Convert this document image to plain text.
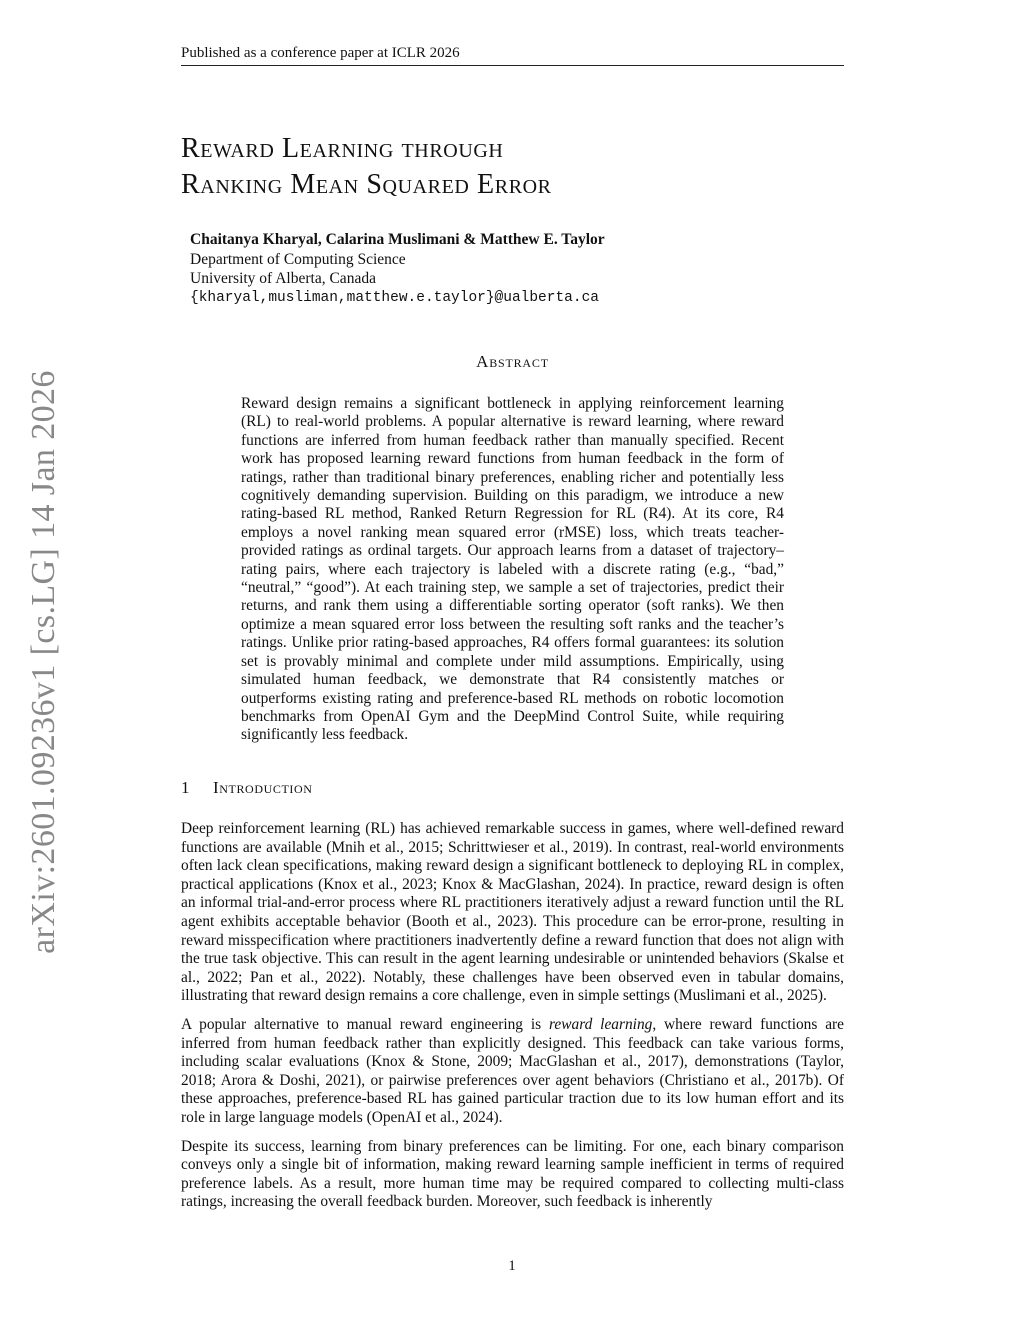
Published as a conference paper at ICLR 2026
Reward Learning through
Ranking Mean Squared Error
Chaitanya Kharyal, Calarina Muslimani & Matthew E. Taylor
Department of Computing Science
University of Alberta, Canada
{kharyal,musliman,matthew.e.taylor}@ualberta.ca
Abstract
Reward design remains a significant bottleneck in applying reinforcement learning (RL) to real-world problems. A popular alternative is reward learning, where reward functions are inferred from human feedback rather than manually specified. Recent work has proposed learning reward functions from human feedback in the form of ratings, rather than traditional binary preferences, enabling richer and potentially less cognitively demanding supervision. Building on this paradigm, we introduce a new rating-based RL method, Ranked Return Regression for RL (R4). At its core, R4 employs a novel ranking mean squared error (rMSE) loss, which treats teacher-provided ratings as ordinal targets. Our approach learns from a dataset of trajectory–rating pairs, where each trajectory is labeled with a discrete rating (e.g., “bad,” “neutral,” “good”). At each training step, we sample a set of trajectories, predict their returns, and rank them using a differentiable sorting operator (soft ranks). We then optimize a mean squared error loss between the resulting soft ranks and the teacher’s ratings. Unlike prior rating-based approaches, R4 offers formal guarantees: its solution set is provably minimal and complete under mild assumptions. Empirically, using simulated human feedback, we demonstrate that R4 consistently matches or outperforms existing rating and preference-based RL methods on robotic locomotion benchmarks from OpenAI Gym and the DeepMind Control Suite, while requiring significantly less feedback.
1 Introduction

Deep reinforcement learning (RL) has achieved remarkable success in games, where well-defined reward functions are available (Mnih et al., 2015; Schrittwieser et al., 2019). In contrast, real-world environments often lack clean specifications, making reward design a significant bottleneck to deploying RL in complex, practical applications (Knox et al., 2023; Knox & MacGlashan, 2024). In practice, reward design is often an informal trial-and-error process where RL practitioners iteratively adjust a reward function until the RL agent exhibits acceptable behavior (Booth et al., 2023). This procedure can be error-prone, resulting in reward misspecification where practitioners inadvertently define a reward function that does not align with the true task objective. This can result in the agent learning undesirable or unintended behaviors (Skalse et al., 2022; Pan et al., 2022). Notably, these challenges have been observed even in tabular domains, illustrating that reward design remains a core challenge, even in simple settings (Muslimani et al., 2025).

A popular alternative to manual reward engineering is reward learning, where reward functions are inferred from human feedback rather than explicitly designed. This feedback can take various forms, including scalar evaluations (Knox & Stone, 2009; MacGlashan et al., 2017), demonstrations (Taylor, 2018; Arora & Doshi, 2021), or pairwise preferences over agent behaviors (Christiano et al., 2017b). Of these approaches, preference-based RL has gained particular traction due to its low human effort and its role in large language models (OpenAI et al., 2024).

Despite its success, learning from binary preferences can be limiting. For one, each binary comparison conveys only a single bit of information, making reward learning sample inefficient in terms of required preference labels. As a result, more human time may be required compared to collecting multi-class ratings, increasing the overall feedback burden. Moreover, such feedback is inherently

1
arXiv:2601.09236v1 [cs.LG] 14 Jan 2026
